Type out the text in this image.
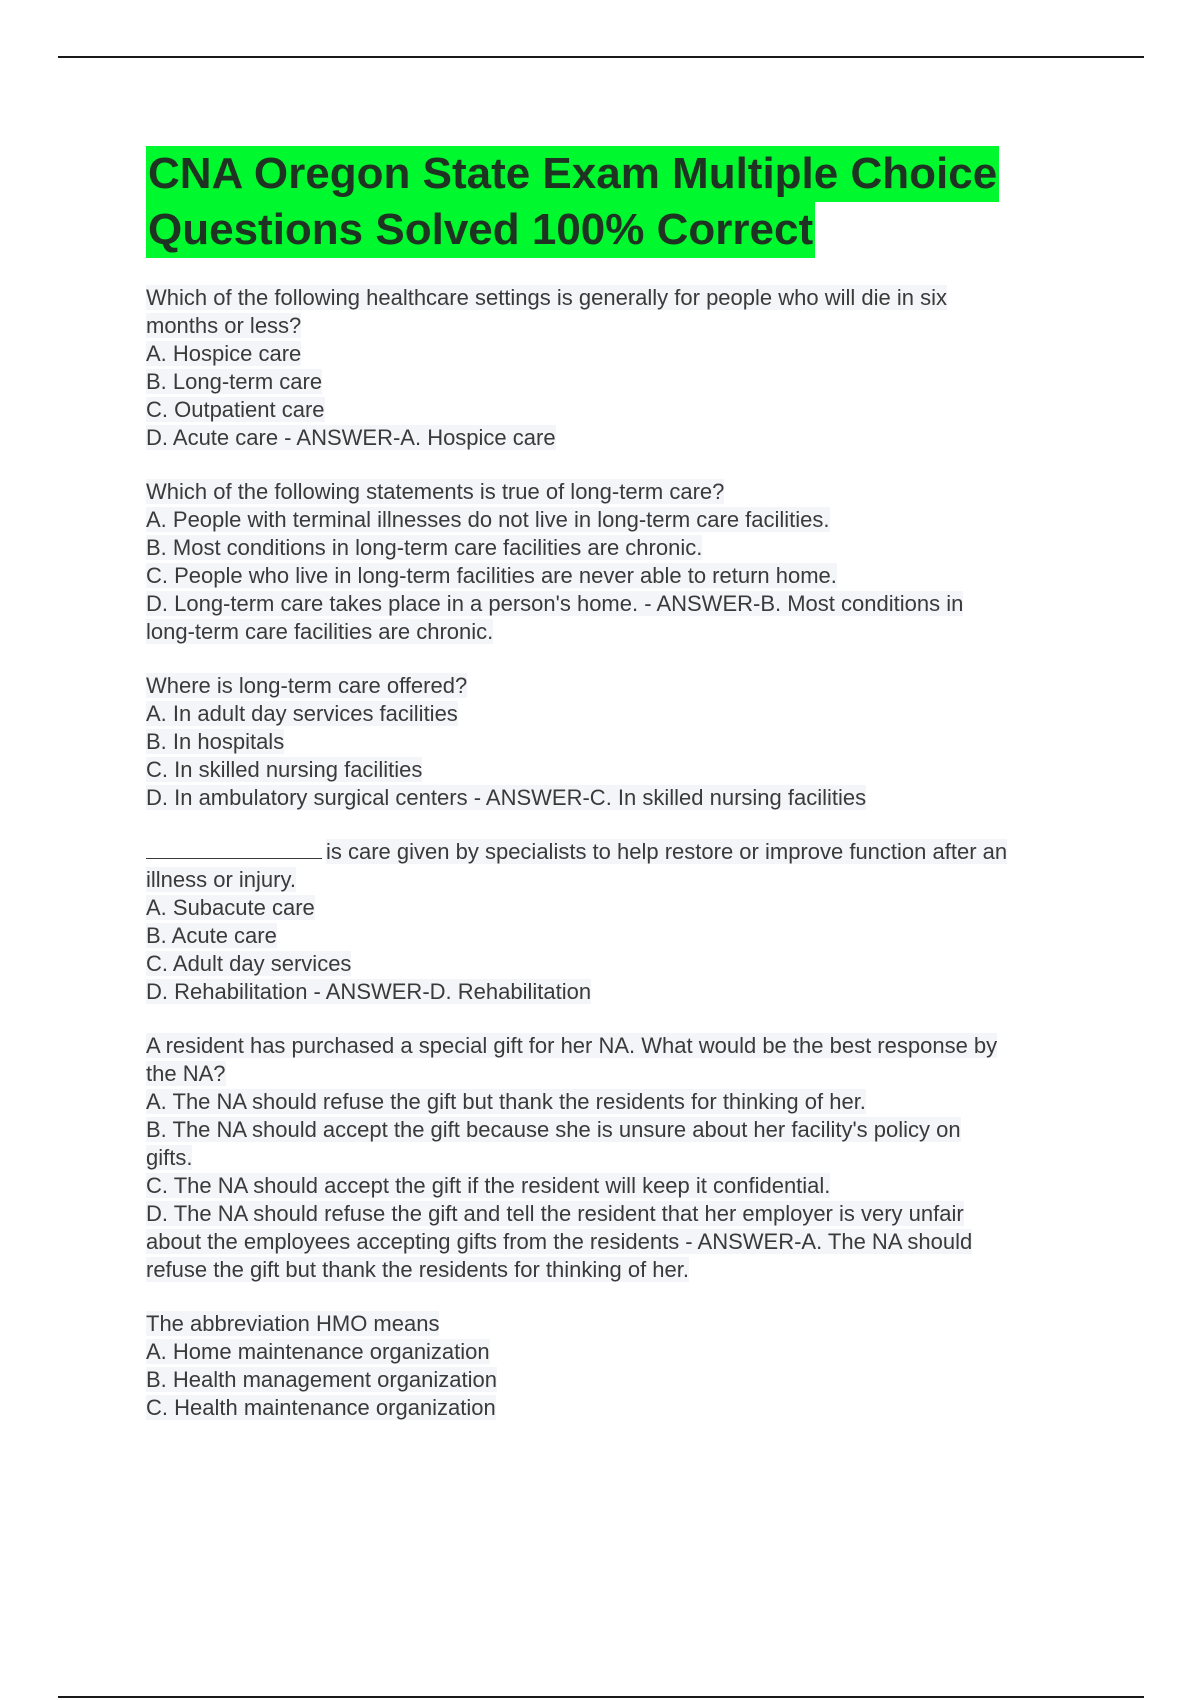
CNA Oregon State Exam Multiple Choice
Questions Solved 100% Correct
Which of the following healthcare settings is generally for people who will die in six
months or less?
A. Hospice care
B. Long-term care
C. Outpatient care
D. Acute care - ANSWER-A. Hospice care
Which of the following statements is true of long-term care?
A. People with terminal illnesses do not live in long-term care facilities.
B. Most conditions in long-term care facilities are chronic.
C. People who live in long-term facilities are never able to return home.
D. Long-term care takes place in a person's home. - ANSWER-B. Most conditions in
long-term care facilities are chronic.
Where is long-term care offered?
A. In adult day services facilities
B. In hospitals
C. In skilled nursing facilities
D. In ambulatory surgical centers - ANSWER-C. In skilled nursing facilities
is care given by specialists to help restore or improve function after an
illness or injury.
A. Subacute care
B. Acute care
C. Adult day services
D. Rehabilitation - ANSWER-D. Rehabilitation
A resident has purchased a special gift for her NA. What would be the best response by
the NA?
A. The NA should refuse the gift but thank the residents for thinking of her.
B. The NA should accept the gift because she is unsure about her facility's policy on
gifts.
C. The NA should accept the gift if the resident will keep it confidential.
D. The NA should refuse the gift and tell the resident that her employer is very unfair
about the employees accepting gifts from the residents - ANSWER-A. The NA should
refuse the gift but thank the residents for thinking of her.
The abbreviation HMO means
A. Home maintenance organization
B. Health management organization
C. Health maintenance organization
